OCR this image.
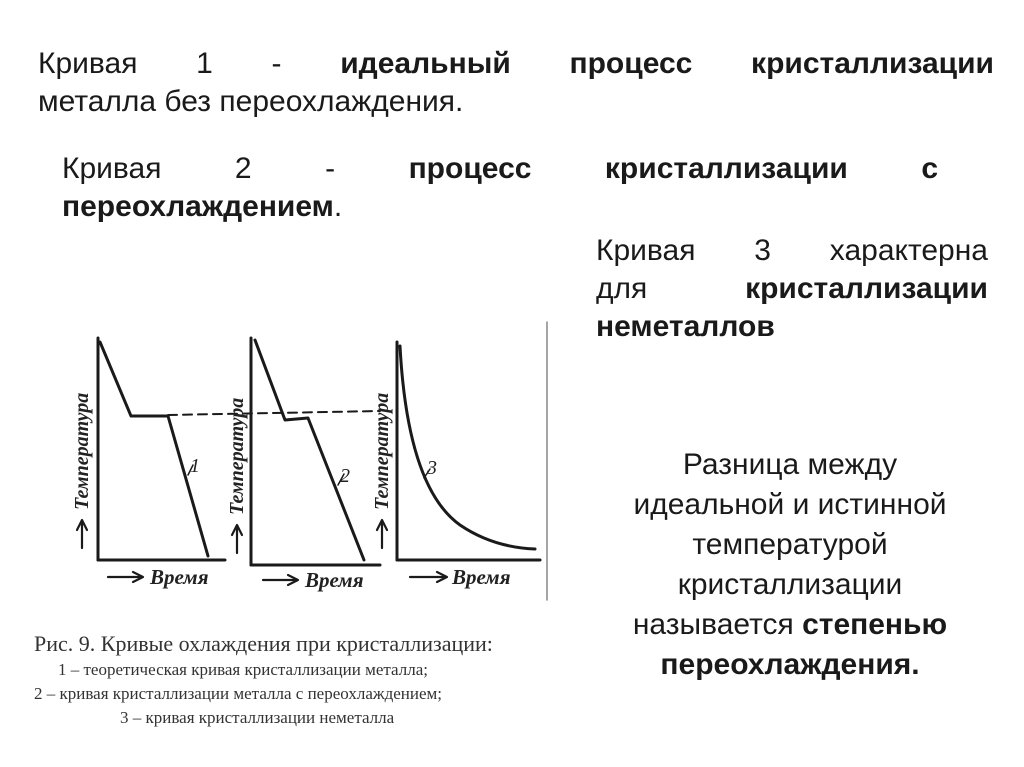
Кривая 1 - идеальный процесс кристаллизации
металла без переохлаждения.
Кривая 2 - процесс кристаллизации с
переохлаждением.
Кривая 3 характерна
для кристаллизации
неметаллов
Разница между
идеальной и истинной
температурой
кристаллизации
называется степенью
переохлаждения.
Температура	Температура	Температура
Время	Время	Время
1	2	3
Рис. 9. Кривые охлаждения при кристаллизации:
1 – теоретическая кривая кристаллизации металла;
2 – кривая кристаллизации металла с переохлаждением;
3 – кривая кристаллизации неметалла
